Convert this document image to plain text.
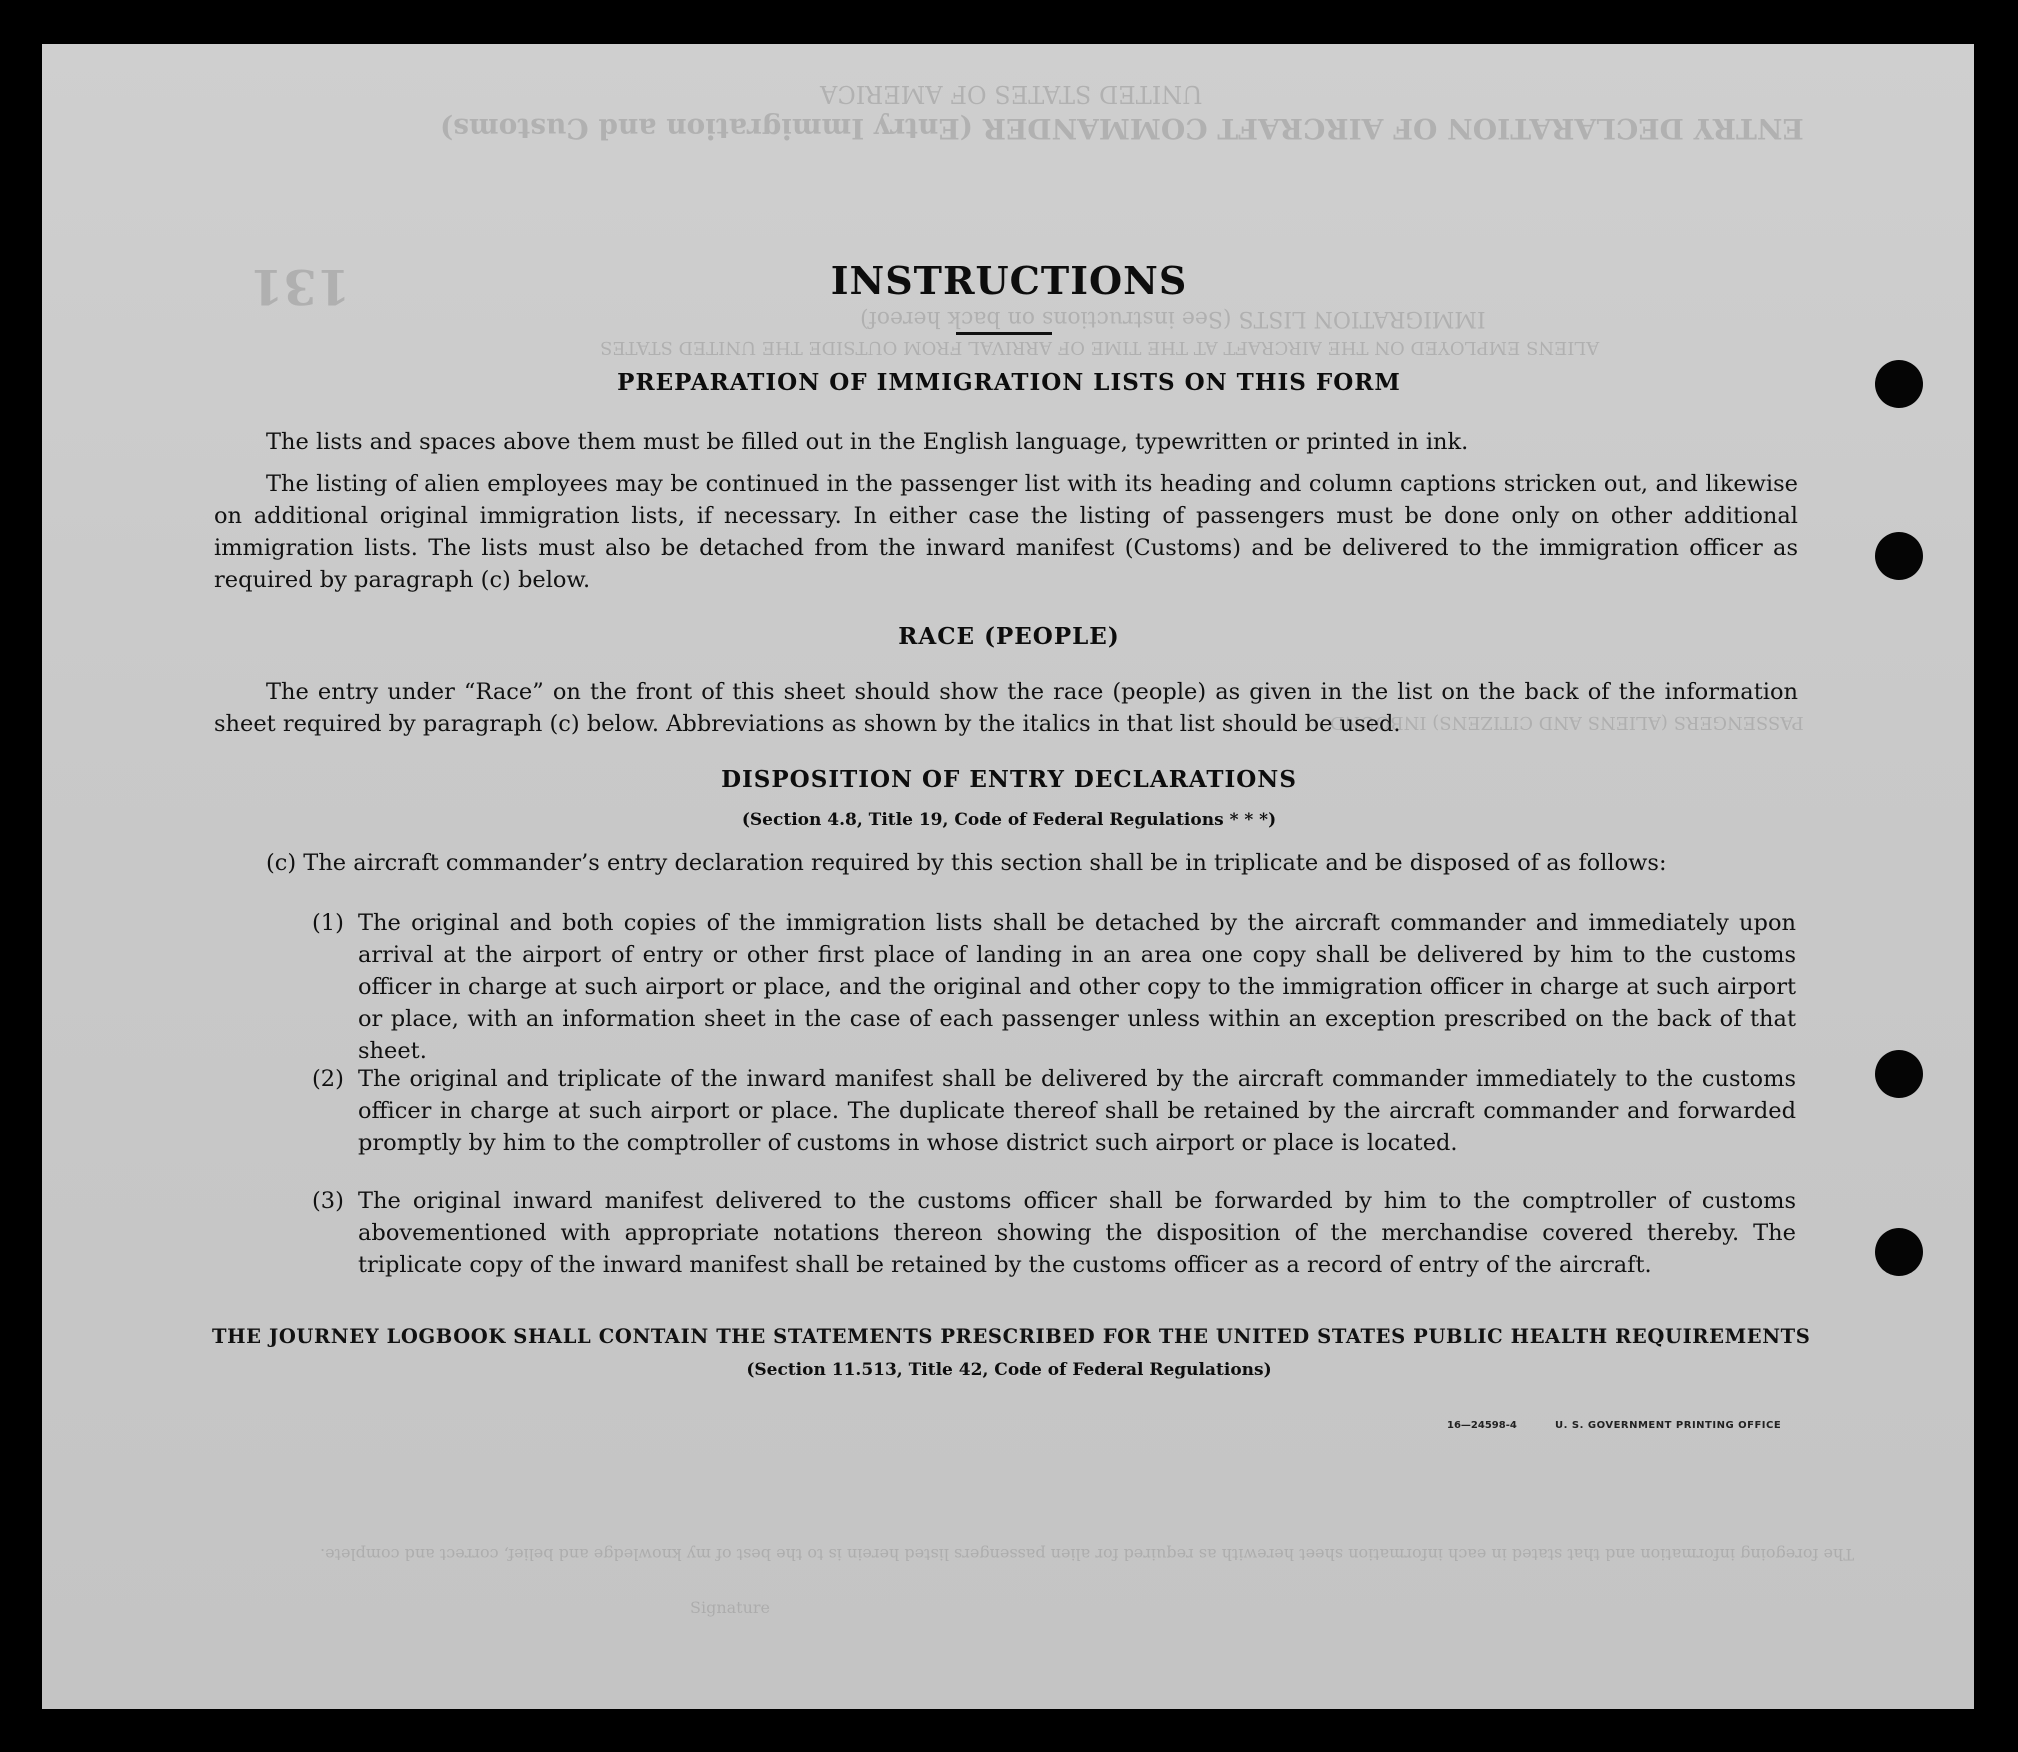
UNITED STATES OF AMERICA
ENTRY DECLARATION OF AIRCRAFT COMMANDER (Entry Immigration and Customs)
131
IMMIGRATION LISTS (See instructions on back hereof)
ALIENS EMPLOYED ON THE AIRCRAFT AT THE TIME OF ARRIVAL FROM OUTSIDE THE UNITED STATES
PASSENGERS (ALIENS AND CITIZENS) INBOUND
Signature
The foregoing information and that stated in each information sheet herewith as required for alien passengers listed herein is to the best of my knowledge and belief, correct and complete.
INSTRUCTIONS
PREPARATION OF IMMIGRATION LISTS ON THIS FORM
The lists and spaces above them must be filled out in the English language, typewritten or printed in ink.
The listing of alien employees may be continued in the passenger list with its heading and column captions stricken out, and likewise on additional original immigration lists, if necessary. In either case the listing of passengers must be done only on other additional immigration lists. The lists must also be detached from the inward manifest (Customs) and be delivered to the immigration officer as required by paragraph (c) below.
RACE (PEOPLE)
The entry under “Race” on the front of this sheet should show the race (people) as given in the list on the back of the information sheet required by paragraph (c) below. Abbreviations as shown by the italics in that list should be used.
DISPOSITION OF ENTRY DECLARATIONS
(Section 4.8, Title 19, Code of Federal Regulations * * *)
(c) The aircraft commander’s entry declaration required by this section shall be in triplicate and be disposed of as follows:
(1) The original and both copies of the immigration lists shall be detached by the aircraft commander and immediately upon arrival at the airport of entry or other first place of landing in an area one copy shall be delivered by him to the customs officer in charge at such airport or place, and the original and other copy to the immigration officer in charge at such airport or place, with an information sheet in the case of each passenger unless within an exception prescribed on the back of that sheet.
(2) The original and triplicate of the inward manifest shall be delivered by the aircraft commander immediately to the customs officer in charge at such airport or place. The duplicate thereof shall be retained by the aircraft commander and forwarded promptly by him to the comptroller of customs in whose district such airport or place is located.
(3) The original inward manifest delivered to the customs officer shall be forwarded by him to the comptroller of customs abovementioned with appropriate notations thereon showing the disposition of the merchandise covered thereby. The triplicate copy of the inward manifest shall be retained by the customs officer as a record of entry of the aircraft.
THE JOURNEY LOGBOOK SHALL CONTAIN THE STATEMENTS PRESCRIBED FOR THE UNITED STATES PUBLIC HEALTH REQUIREMENTS
(Section 11.513, Title 42, Code of Federal Regulations)
16—24598-4	U. S. GOVERNMENT PRINTING OFFICE
